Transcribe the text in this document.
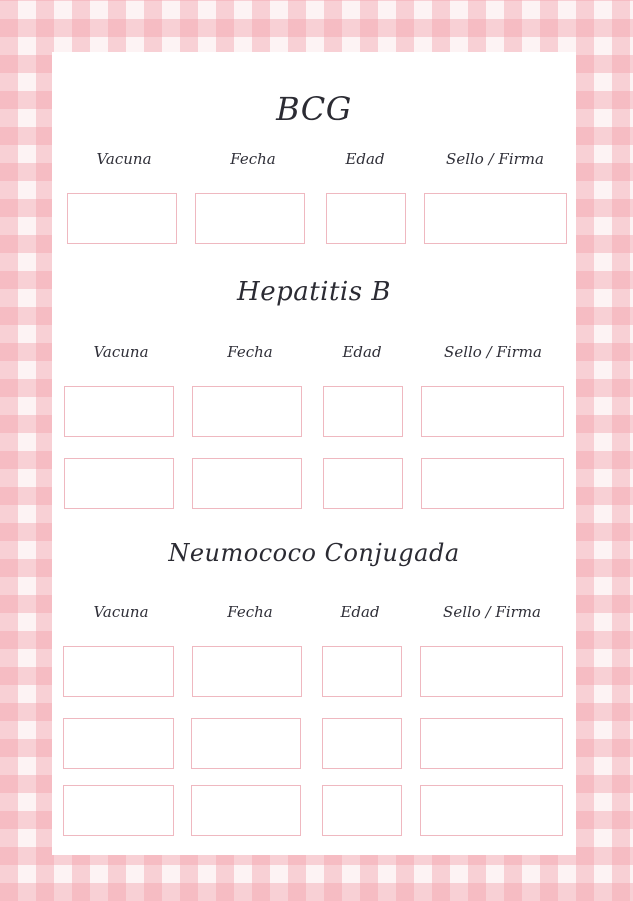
BCG
Vacuna	Fecha	Edad	Sello / Firma
Hepatitis B
Vacuna	Fecha	Edad	Sello / Firma
Neumococo Conjugada
Vacuna	Fecha	Edad	Sello / Firma
